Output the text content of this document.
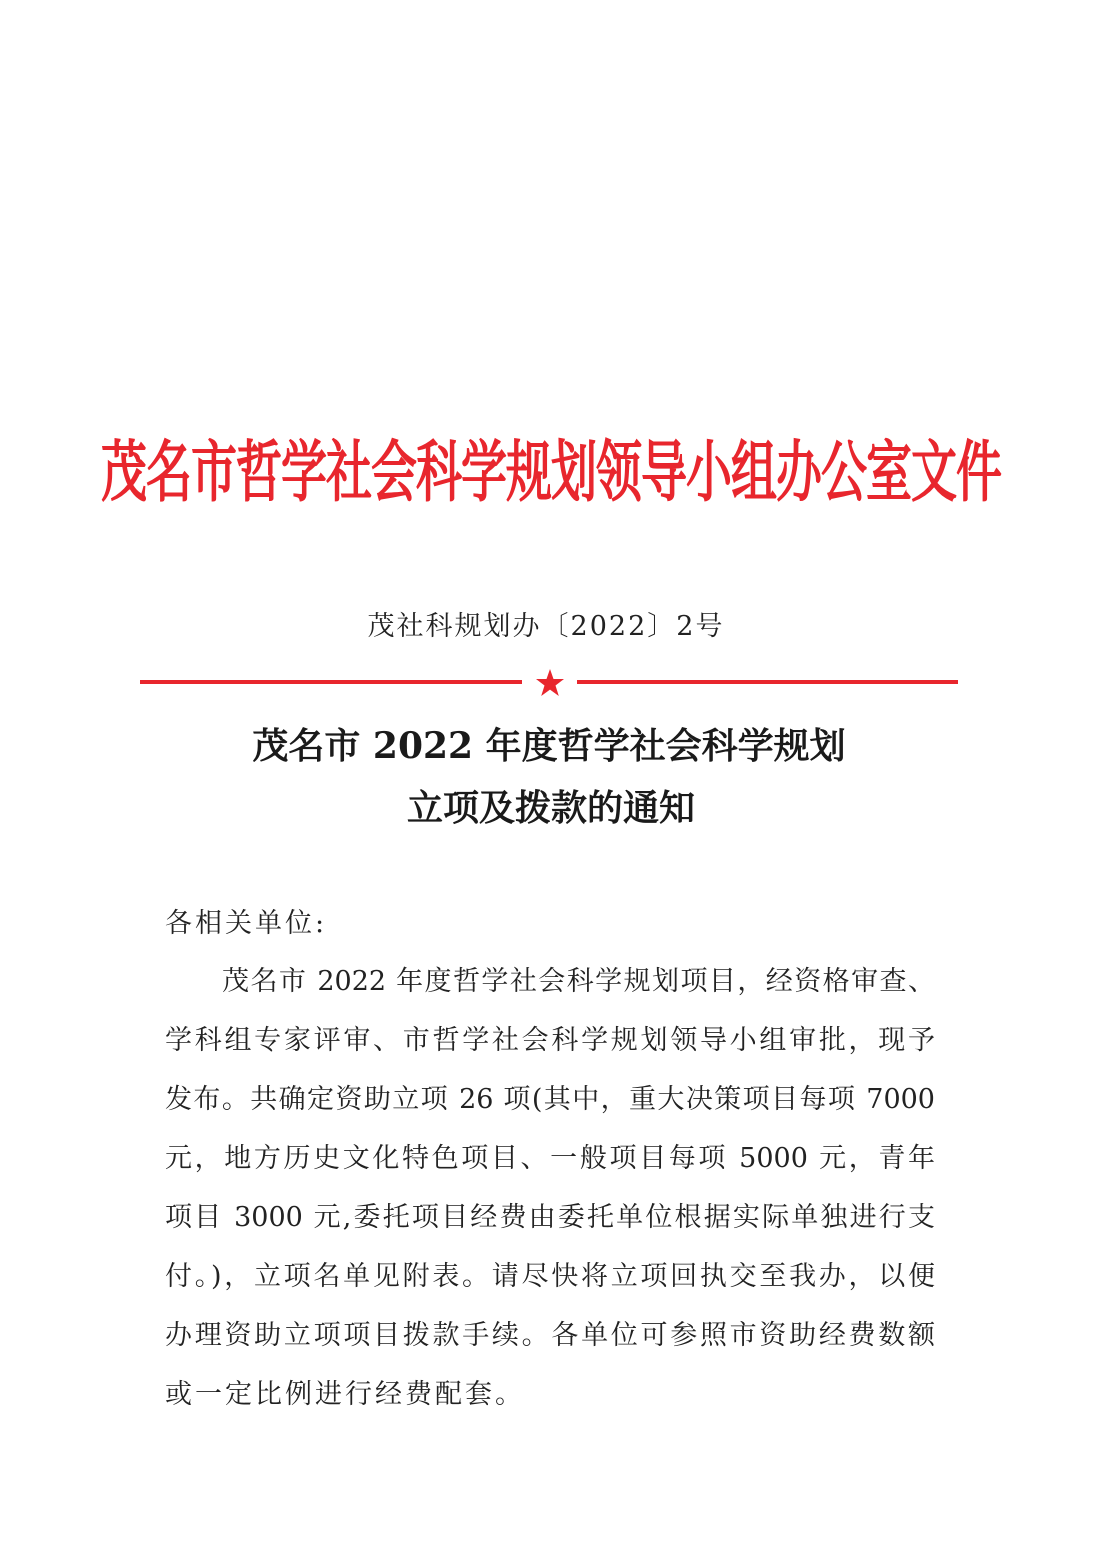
茂名市哲学社会科学规划领导小组办公室文件
茂社科规划办〔2022〕2号
茂名市 2022 年度哲学社会科学规划
立项及拨款的通知
各相关单位:
茂名市 2022 年度哲学社会科学规划项目，经资格审查、
学科组专家评审、市哲学社会科学规划领导小组审批，现予
发布。共确定资助立项 26 项(其中，重大决策项目每项 7000
元，地方历史文化特色项目、一般项目每项 5000 元，青年
项目 3000 元,委托项目经费由委托单位根据实际单独进行支
付。)，立项名单见附表。请尽快将立项回执交至我办，以便
办理资助立项项目拨款手续。各单位可参照市资助经费数额
或一定比例进行经费配套。
